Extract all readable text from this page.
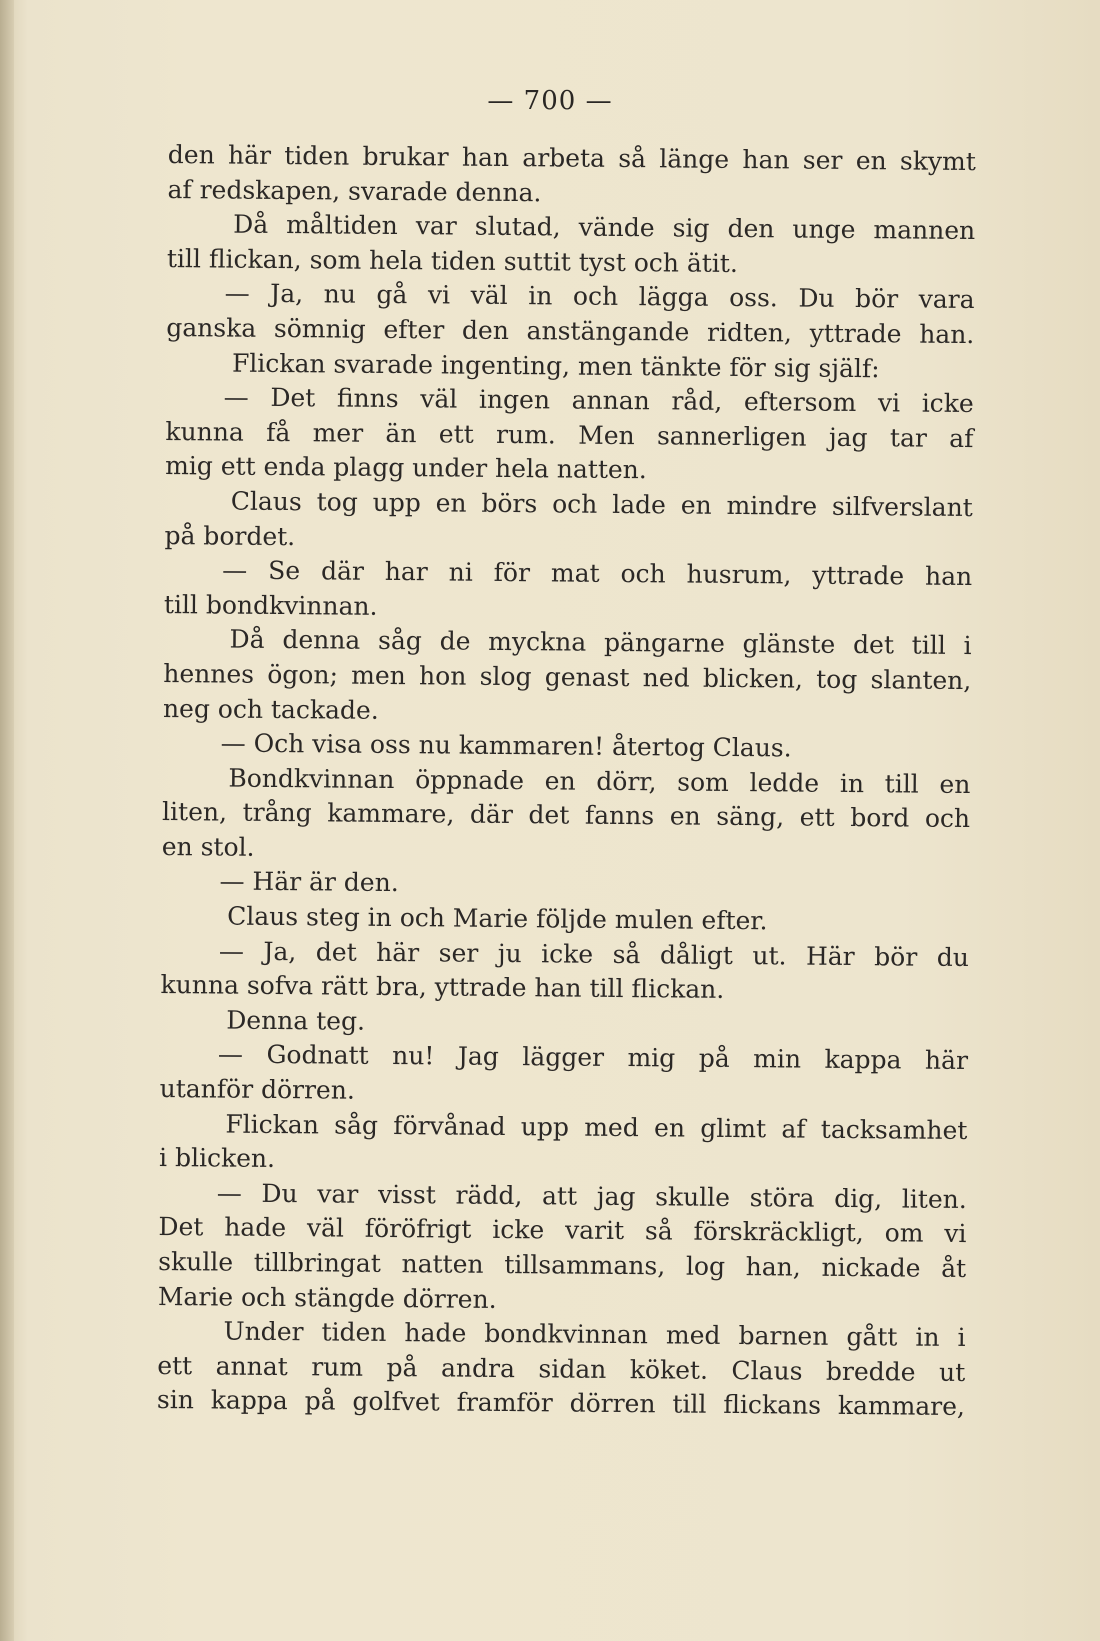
— 700 —
den här tiden brukar han arbeta så länge han ser en skymt
af redskapen, svarade denna.
Då måltiden var slutad, vände sig den unge mannen
till flickan, som hela tiden suttit tyst och ätit.
— Ja, nu gå vi väl in och lägga oss. Du bör vara
ganska sömnig efter den anstängande ridten, yttrade han.
Flickan svarade ingenting, men tänkte för sig själf:
— Det finns väl ingen annan råd, eftersom vi icke
kunna få mer än ett rum. Men sannerligen jag tar af
mig ett enda plagg under hela natten.
Claus tog upp en börs och lade en mindre silfverslant
på bordet.
— Se där har ni för mat och husrum, yttrade han
till bondkvinnan.
Då denna såg de myckna pängarne glänste det till i
hennes ögon; men hon slog genast ned blicken, tog slanten,
neg och tackade.
— Och visa oss nu kammaren! återtog Claus.
Bondkvinnan öppnade en dörr, som ledde in till en
liten, trång kammare, där det fanns en säng, ett bord och
en stol.
— Här är den.
Claus steg in och Marie följde mulen efter.
— Ja, det här ser ju icke så dåligt ut. Här bör du
kunna sofva rätt bra, yttrade han till flickan.
Denna teg.
— Godnatt nu! Jag lägger mig på min kappa här
utanför dörren.
Flickan såg förvånad upp med en glimt af tacksamhet
i blicken.
— Du var visst rädd, att jag skulle störa dig, liten.
Det hade väl föröfrigt icke varit så förskräckligt, om vi
skulle tillbringat natten tillsammans, log han, nickade åt
Marie och stängde dörren.
Under tiden hade bondkvinnan med barnen gått in i
ett annat rum på andra sidan köket. Claus bredde ut
sin kappa på golfvet framför dörren till flickans kammare,
